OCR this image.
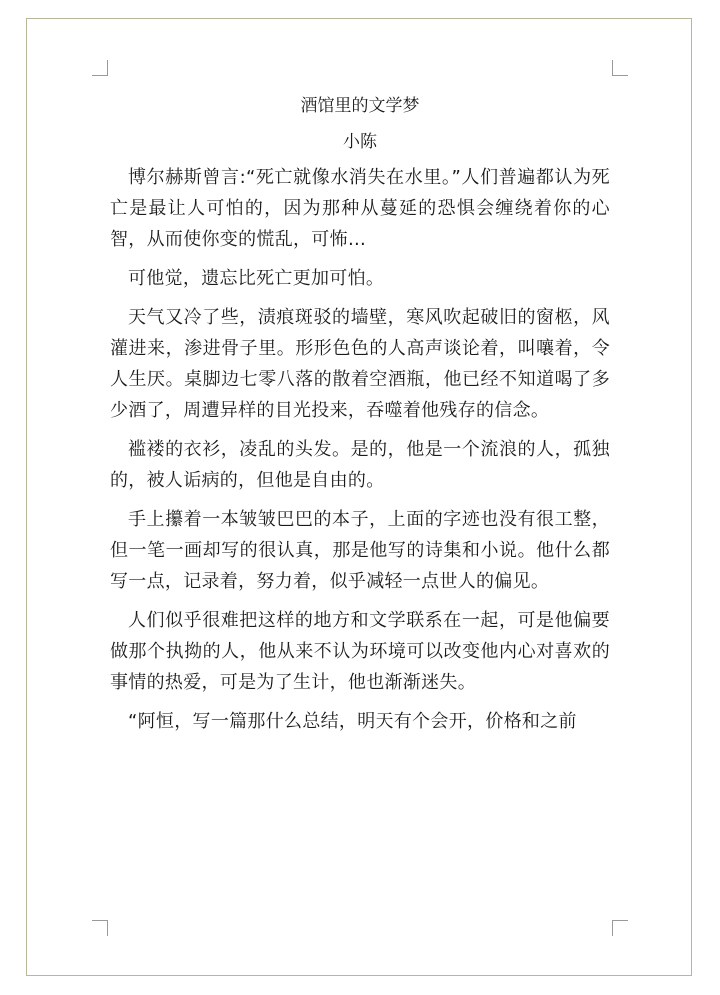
酒馆里的文学梦

小陈

博尔赫斯曾言:“死亡就像水消失在水里。”人们普遍都认为死亡是最让人可怕的，因为那种从蔓延的恐惧会缠绕着你的心智，从而使你变的慌乱，可怖…

可他觉，遗忘比死亡更加可怕。

天气又冷了些，渍痕斑驳的墙壁，寒风吹起破旧的窗柩，风灌进来，渗进骨子里。形形色色的人高声谈论着，叫嚷着，令人生厌。桌脚边七零八落的散着空酒瓶，他已经不知道喝了多少酒了，周遭异样的目光投来，吞噬着他残存的信念。

褴褛的衣衫，凌乱的头发。是的，他是一个流浪的人，孤独的，被人诟病的，但他是自由的。

手上攥着一本皱皱巴巴的本子，上面的字迹也没有很工整，但一笔一画却写的很认真，那是他写的诗集和小说。他什么都写一点，记录着，努力着，似乎减轻一点世人的偏见。

人们似乎很难把这样的地方和文学联系在一起，可是他偏要做那个执拗的人，他从来不认为环境可以改变他内心对喜欢的事情的热爱，可是为了生计，他也渐渐迷失。

“阿恒，写一篇那什么总结，明天有个会开，价格和之前
